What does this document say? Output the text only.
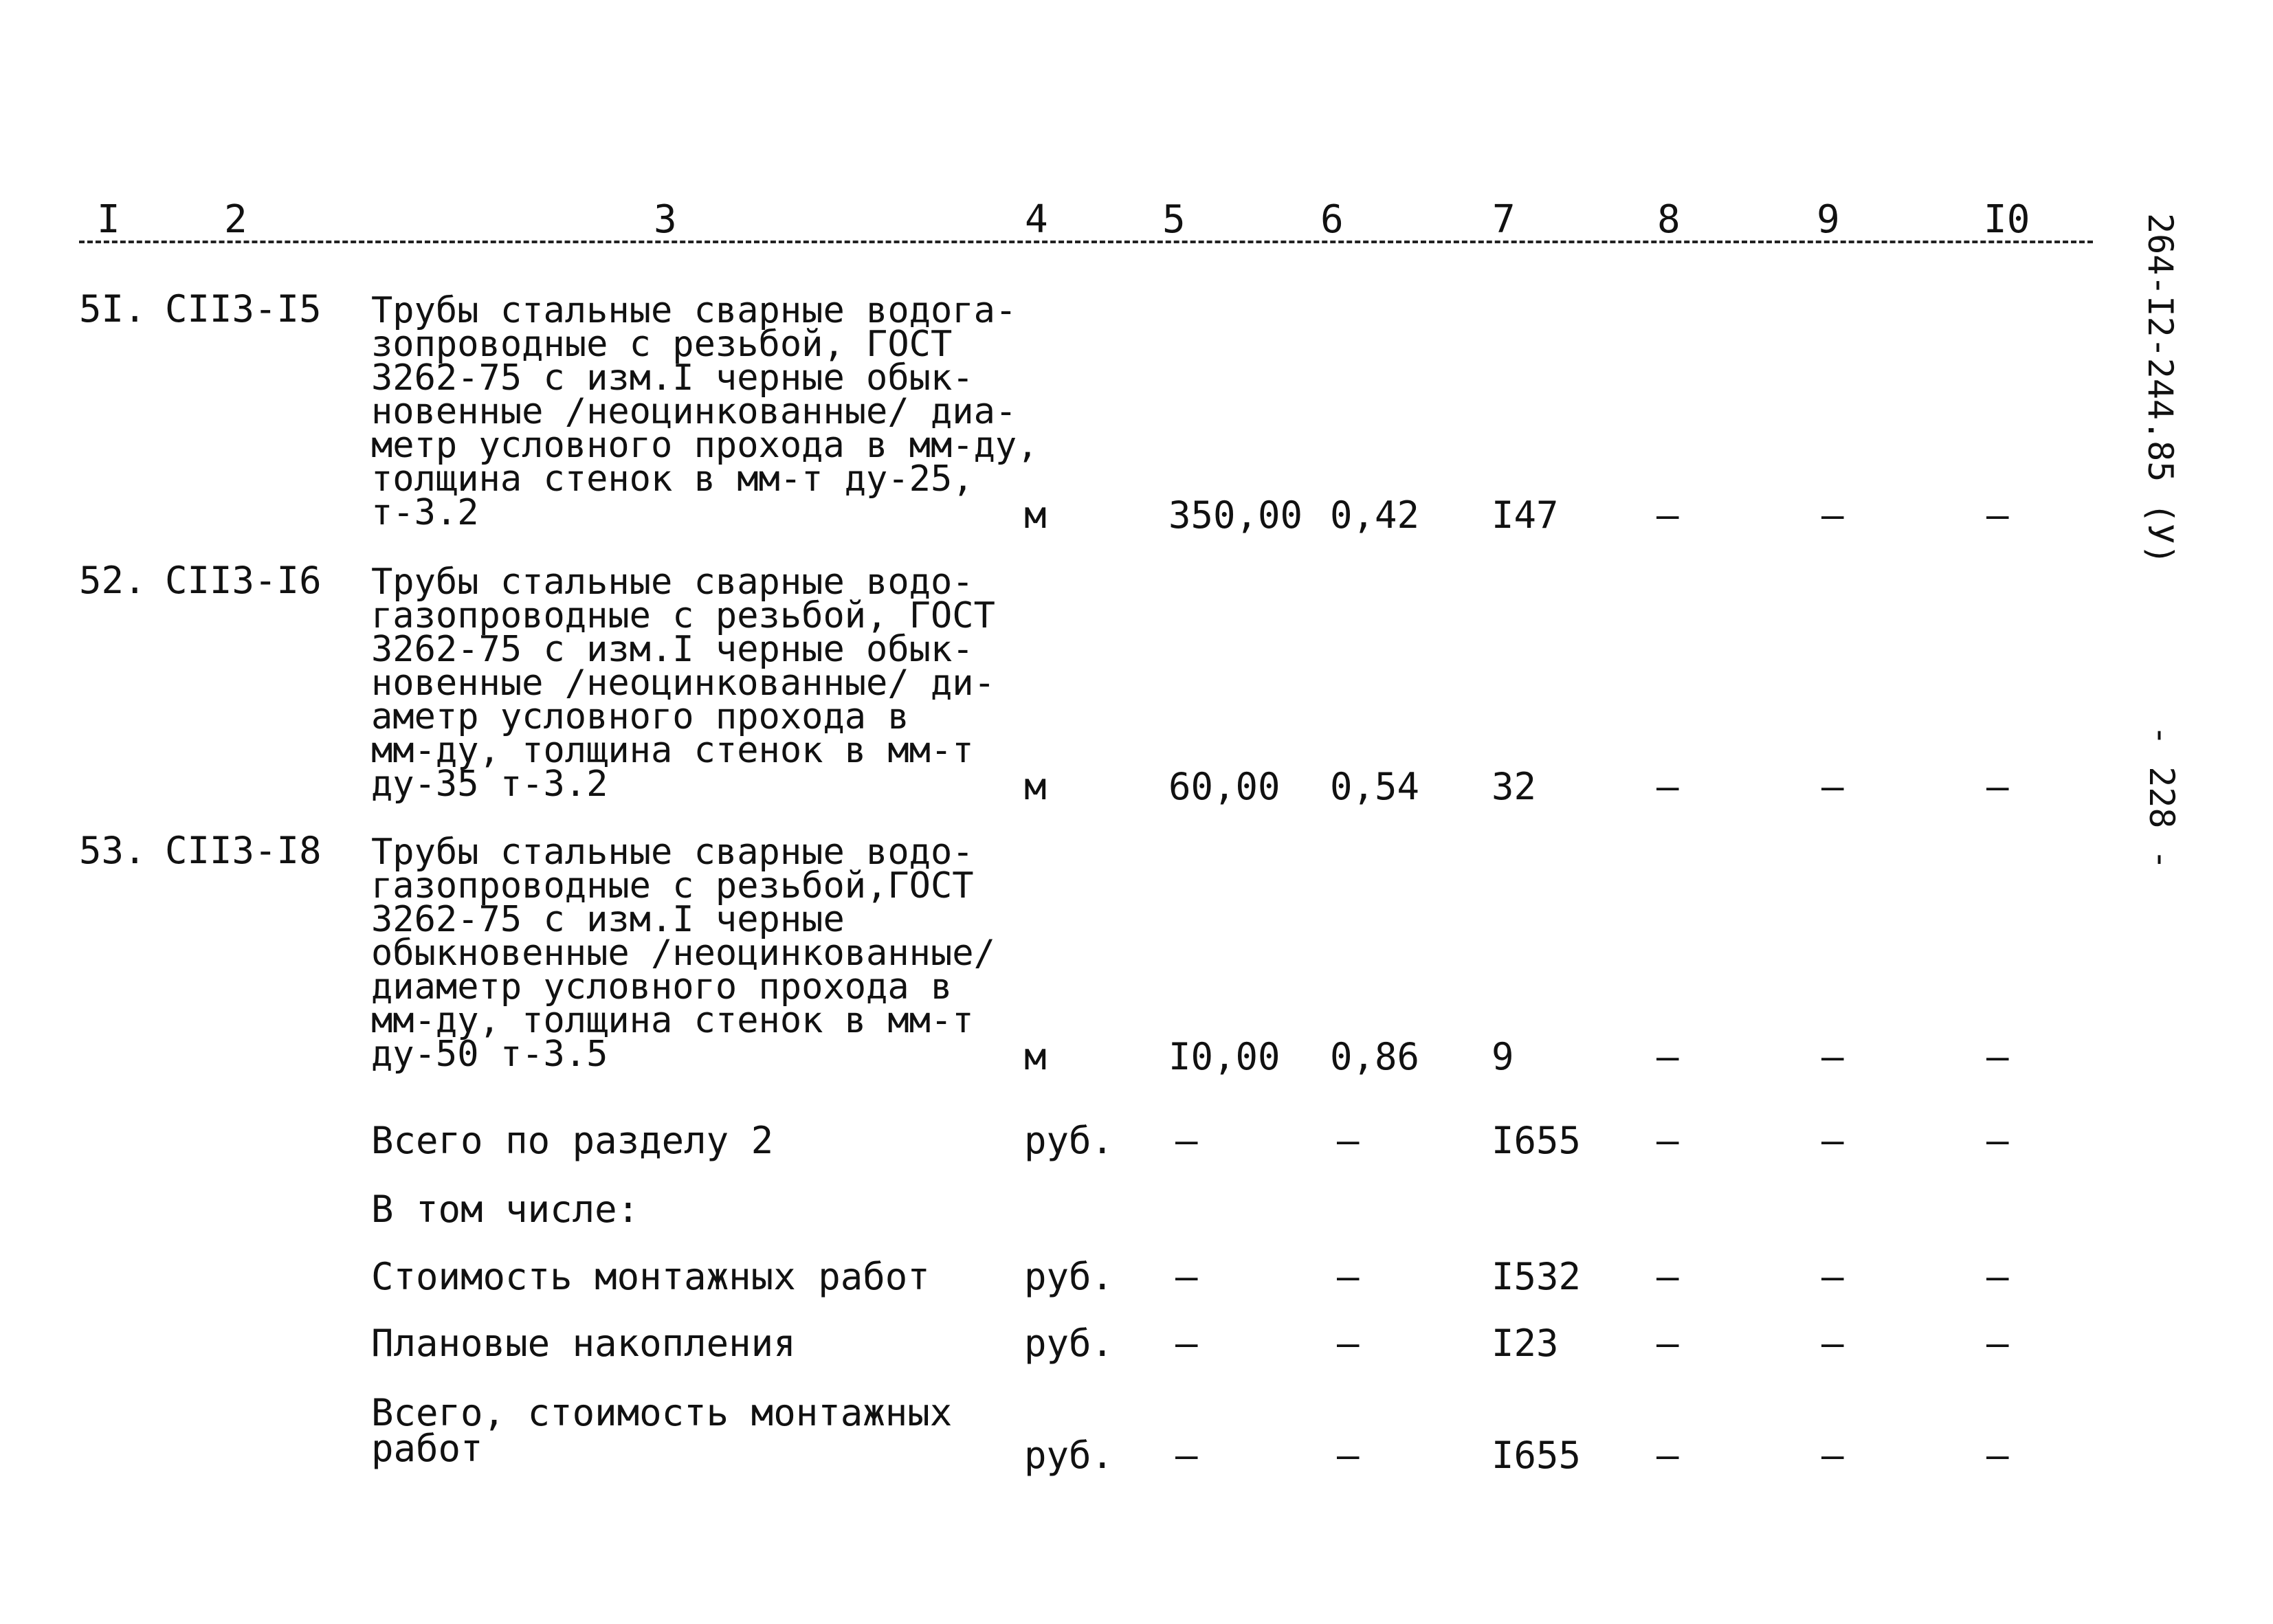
I	2	3	4	5	6	7	8	9	I0
5I. СII3-I5 Трубы стальные сварные водога-
зопроводные с резьбой, ГОСТ
3262-75 с изм.I черные обык-
новенные /неоцинкованные/ диа-
метр условного прохода в мм-ду,
толщина стенок в мм-т ду-25,
т-3.2	м	350,00 0,42 I47	–	–	–
52. СII3-I6 Трубы стальные сварные водо-
газопроводные с резьбой, ГОСТ
3262-75 с изм.I черные обык-
новенные /неоцинкованные/ ди-
аметр условного прохода в
мм-ду, толщина стенок в мм-т
ду-35 т-3.2	м	60,00 0,54 32	–	–	–
53. СII3-I8 Трубы стальные сварные водо-
газопроводные с резьбой,ГОСТ
3262-75 с изм.I черные
обыкновенные /неоцинкованные/
диаметр условного прохода в
мм-ду, толщина стенок в мм-т
ду-50 т-3.5	м	I0,00 0,86 9	–	–	–
Всего по разделу 2	руб. –	–	I655 –	–	–
В том числе:
Стоимость монтажных работ	руб. –	–	I532 –	–	–
Плановые накопления	руб. –	–	I23	–	–	–
Всего, стоимость монтажных
работ	руб. –	–	I655 –	–	–
264-I2-244.85 (У)
- 228 -
